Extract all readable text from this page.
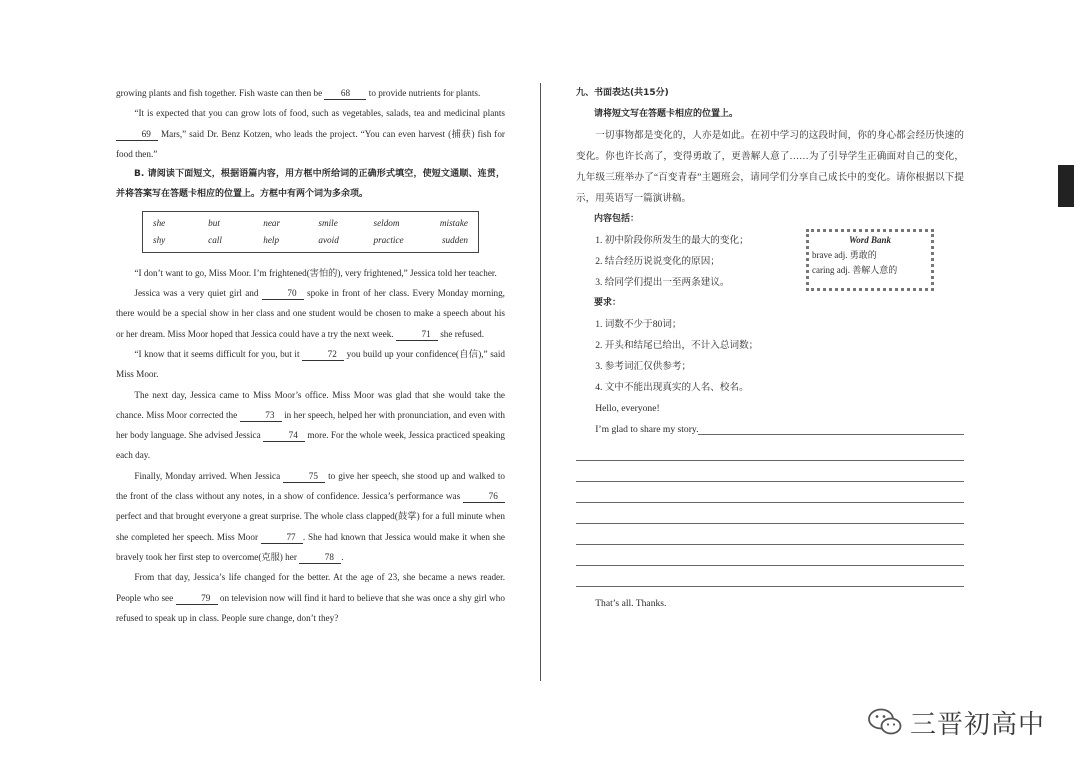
growing plants and fish together. Fish waste can then be 68 to provide nutrients for plants.

“It is expected that you can grow lots of food, such as vegetables, salads, tea and medicinal plants 69 Mars,” said Dr. Benz Kotzen, who leads the project. “You can even harvest (捕获) fish for food then.”

B. 请阅读下面短文，根据语篇内容，用方框中所给词的正确形式填空，使短文通顺、连贯，并将答案写在答题卡相应的位置上。方框中有两个词为多余项。

she	but	near	smile	seldom	mistake
shy	call	help	avoid	practice	sudden

“I don’t want to go, Miss Moor. I’m frightened(害怕的), very frightened,” Jessica told her teacher.

Jessica was a very quiet girl and	70 spoke in front of her class. Every Monday morning, there would be a special show in her class and one student would be chosen to make a speech about his or her dream. Miss Moor hoped that Jessica could have a try the next week.	71 she refused.

“I know that it seems difficult for you, but it	72 you build up your confidence(自信),” said Miss Moor.

The next day, Jessica came to Miss Moor’s office. Miss Moor was glad that she would take the chance. Miss Moor corrected the	73 in her speech, helped her with pronunciation, and even with her body language. She advised Jessica	74 more. For the whole week, Jessica practiced speaking each day.

Finally, Monday arrived. When Jessica	75 to give her speech, she stood up and walked to the front of the class without any notes, in a show of confidence. Jessica’s performance was	76 perfect and that brought everyone a great surprise. The whole class clapped(鼓掌) for a full minute when she completed her speech. Miss Moor	77 . She had known that Jessica would make it when she bravely took her first step to overcome(克服) her	78 .

From that day, Jessica’s life changed for the better. At the age of 23, she became a news reader. People who see	79 on television now will find it hard to believe that she was once a shy girl who refused to speak up in class. People sure change, don’t they?

九、书面表达(共15分)

请将短文写在答题卡相应的位置上。

一切事物都是变化的，人亦是如此。在初中学习的这段时间，你的身心都会经历快速的变化。你也许长高了，变得勇敢了，更善解人意了……为了引导学生正确面对自己的变化，九年级三班举办了“百变青春”主题班会，请同学们分享自己成长中的变化。请你根据以下提示，用英语写一篇演讲稿。

内容包括：

1. 初中阶段你所发生的最大的变化；

2. 结合经历说说变化的原因；

3. 给同学们提出一至两条建议。

要求：

1. 词数不少于80词；

2. 开头和结尾已给出，不计入总词数；

3. 参考词汇仅供参考；

4. 文中不能出现真实的人名、校名。

Hello, everyone!

I’m glad to share my story.

That’s all. Thanks.

Word Bank
brave adj. 勇敢的
caring adj. 善解人意的
三晋初高中
